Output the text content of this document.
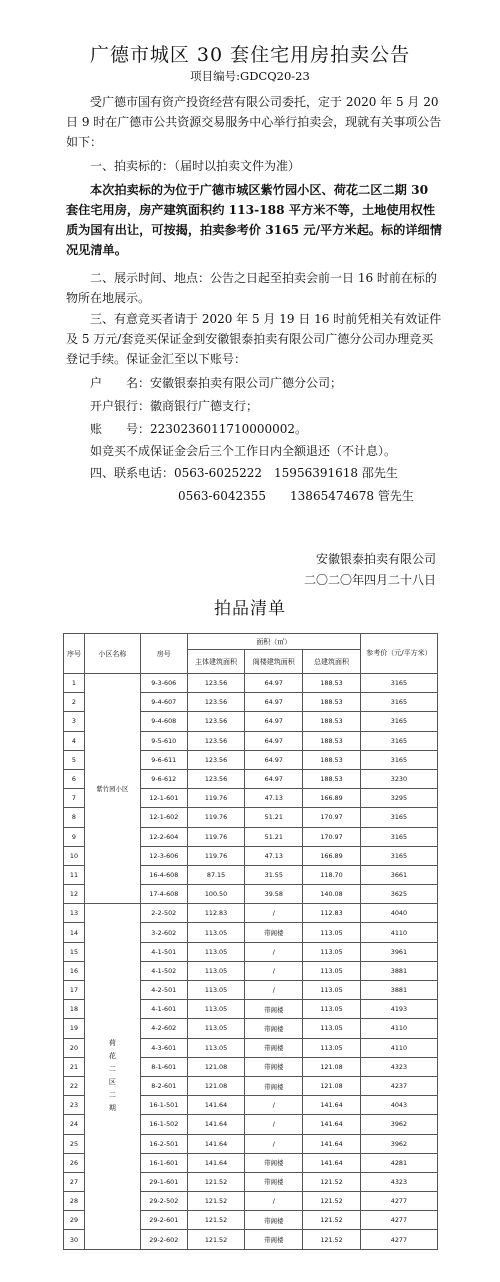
广德市城区 30 套住宅用房拍卖公告
项目编号:GDCQ20-23
受广德市国有资产投资经营有限公司委托，定于 2020 年 5 月 20 日 9 时在广德市公共资源交易服务中心举行拍卖会，现就有关事项公告如下：
一、拍卖标的：（届时以拍卖文件为准）
本次拍卖标的为位于广德市城区紫竹园小区、荷花二区二期 30 套住宅用房，房产建筑面积约 113-188 平方米不等，土地使用权性质为国有出让，可按揭，拍卖参考价 3165 元/平方米起。标的详细情况见清单。
二、展示时间、地点：公告之日起至拍卖会前一日 16 时前在标的物所在地展示。
三、有意竞买者请于 2020 年 5 月 19 日 16 时前凭相关有效证件及 5 万元/套竞买保证金到安徽银泰拍卖有限公司广德分公司办理竞买登记手续。保证金汇至以下账号：
户　　名：安徽银泰拍卖有限公司广德分公司；
开户银行：徽商银行广德支行；
账　　号：2230236011710000002。
如竞买不成保证金会后三个工作日内全额退还（不计息）。
四、联系电话：0563-6025222　15956391618 邵先生
0563-6042355　　13865474678 管先生
安徽银泰拍卖有限公司
二〇二〇年四月二十八日
拍品清单
序号	小区名称	房号	面积（㎡）			参考价（元/平方米）
			主体建筑面积	阁楼建筑面积	总建筑面积	
1	紫竹园小区	9-3-606	123.56	64.97	188.53	3165
2		9-4-607	123.56	64.97	188.53	3165
3		9-4-608	123.56	64.97	188.53	3165
4		9-5-610	123.56	64.97	188.53	3165
5		9-6-611	123.56	64.97	188.53	3165
6		9-6-612	123.56	64.97	188.53	3230
7		12-1-601	119.76	47.13	166.89	3295
8		12-1-602	119.76	51.21	170.97	3165
9		12-2-604	119.76	51.21	170.97	3165
10		12-3-606	119.76	47.13	166.89	3165
11		16-4-608	87.15	31.55	118.70	3661
12		17-4-608	100.50	39.58	140.08	3625
13	荷花二区二期	2-2-502	112.83	/	112.83	4040
14		3-2-602	113.05	带阁楼	113.05	4110
15		4-1-501	113.05	/	113.05	3961
16		4-1-502	113.05	/	113.05	3881
17		4-2-501	113.05	/	113.05	3881
18		4-1-601	113.05	带阁楼	113.05	4193
19		4-2-602	113.05	带阁楼	113.05	4110
20		4-3-601	113.05	带阁楼	113.05	4110
21		8-1-601	121.08	带阁楼	121.08	4323
22		8-2-601	121.08	带阁楼	121.08	4237
23		16-1-501	141.64	/	141.64	4043
24		16-1-502	141.64	/	141.64	3962
25		16-2-501	141.64	/	141.64	3962
26		16-1-601	141.64	带阁楼	141.64	4281
27		29-1-601	121.52	带阁楼	121.52	4323
28		29-2-502	121.52	/	121.52	4277
29		29-2-601	121.52	带阁楼	121.52	4277
30		29-2-602	121.52	带阁楼	121.52	4277
